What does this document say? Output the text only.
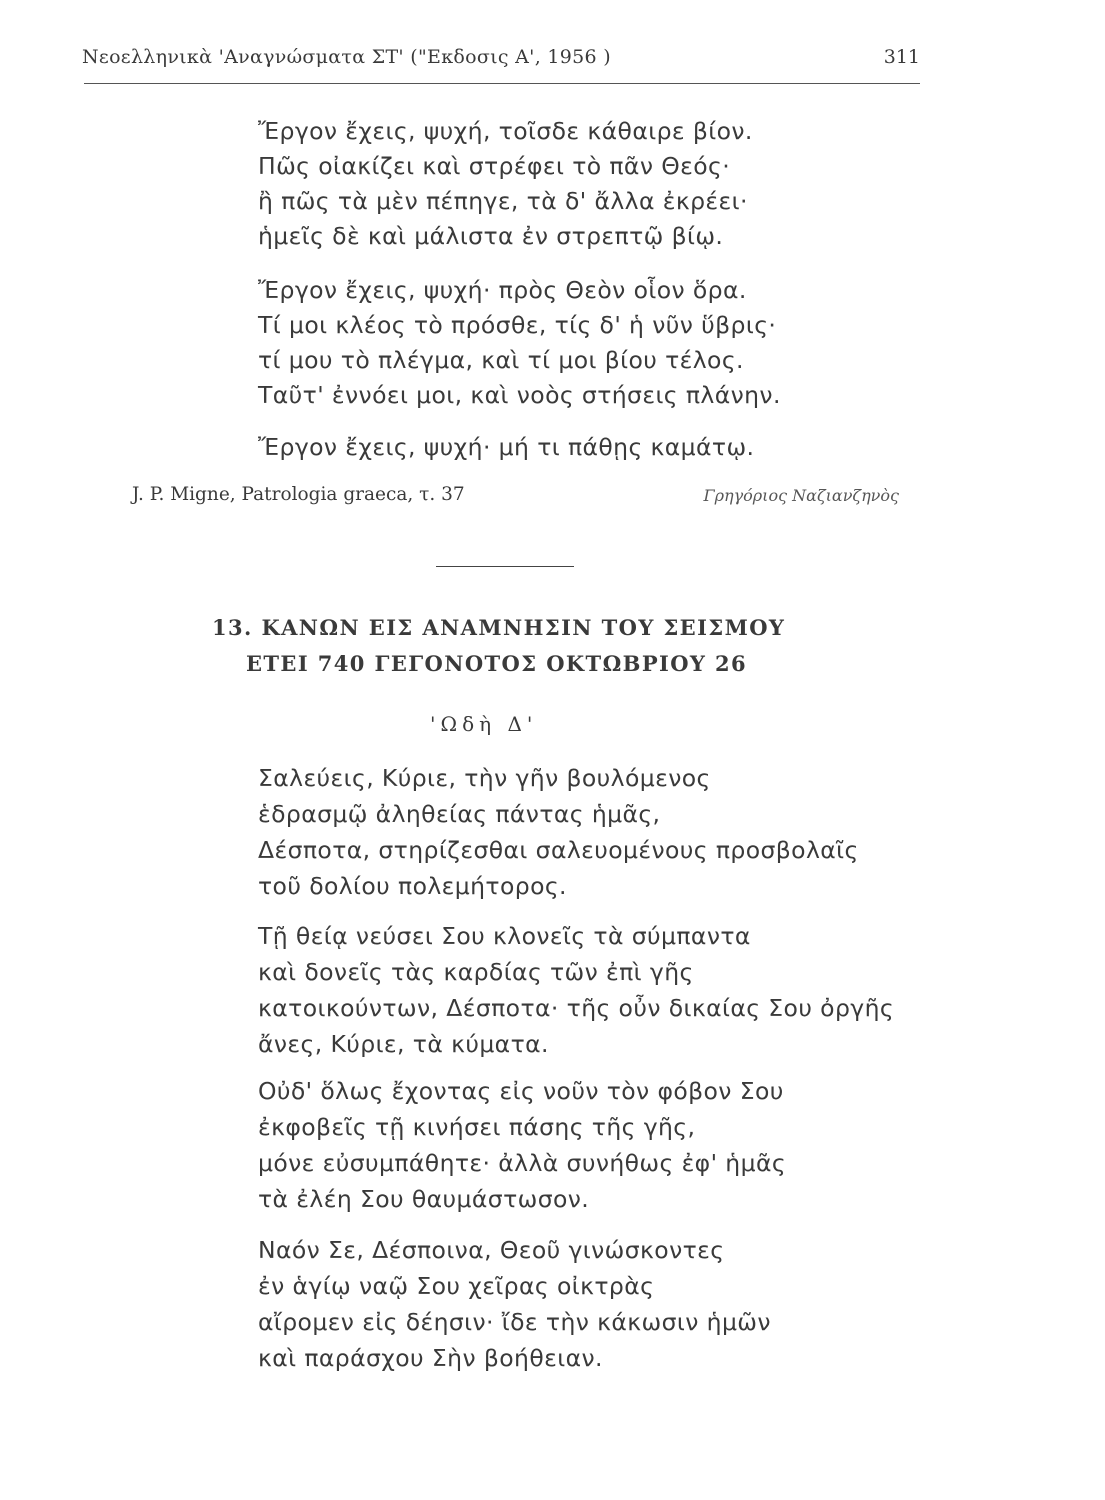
Νεοελληνικὰ 'Αναγνώσματα ΣΤ' ("Εκδοσις Α', 1956 )	311
Ἔργον ἔχεις, ψυχή, τοῖσδε κάθαιρε βίον.
Πῶς οἰακίζει καὶ στρέφει τὸ πᾶν Θεός·
ἢ πῶς τὰ μὲν πέπηγε, τὰ δ' ἄλλα ἐκρέει·
ἡμεῖς δὲ καὶ μάλιστα ἐν στρεπτῷ βίῳ.
Ἔργον ἔχεις, ψυχή· πρὸς Θεὸν οἷον ὅρα.
Τί μοι κλέος τὸ πρόσθε, τίς δ' ἡ νῦν ὕβρις·
τί μου τὸ πλέγμα, καὶ τί μοι βίου τέλος.
Ταῦτ' ἐννόει μοι, καὶ νοὸς στήσεις πλάνην.
Ἔργον ἔχεις, ψυχή· μή τι πάθῃς καμάτῳ.
J. P. Migne, Patrologia graeca, τ. 37	Γρηγόριος Ναζιανζηνὸς
13. ΚΑΝΩΝ ΕΙΣ ΑΝΑΜΝΗΣΙΝ ΤΟΥ ΣΕΙΣΜΟΥ
ΕΤΕΙ 740 ΓΕΓΟΝΟΤΟΣ ΟΚΤΩΒΡΙΟΥ 26
'Ωδὴ Δ'
Σαλεύεις, Κύριε, τὴν γῆν βουλόμενος
ἑδρασμῷ ἀληθείας πάντας ἡμᾶς,
Δέσποτα, στηρίζεσθαι σαλευομένους προσβολαῖς
τοῦ δολίου πολεμήτορος.
Τῇ θείᾳ νεύσει Σου κλονεῖς τὰ σύμπαντα
καὶ δονεῖς τὰς καρδίας τῶν ἐπὶ γῆς
κατοικούντων, Δέσποτα· τῆς οὖν δικαίας Σου ὀργῆς
ἄνες, Κύριε, τὰ κύματα.
Οὐδ' ὅλως ἔχοντας εἰς νοῦν τὸν φόβον Σου
ἐκφοβεῖς τῇ κινήσει πάσης τῆς γῆς,
μόνε εὐσυμπάθητε· ἀλλὰ συνήθως ἐφ' ἡμᾶς
τὰ ἐλέη Σου θαυμάστωσον.
Ναόν Σε, Δέσποινα, Θεοῦ γινώσκοντες
ἐν ἁγίῳ ναῷ Σου χεῖρας οἰκτρὰς
αἴρομεν εἰς δέησιν· ἴδε τὴν κάκωσιν ἡμῶν
καὶ παράσχου Σὴν βοήθειαν.
